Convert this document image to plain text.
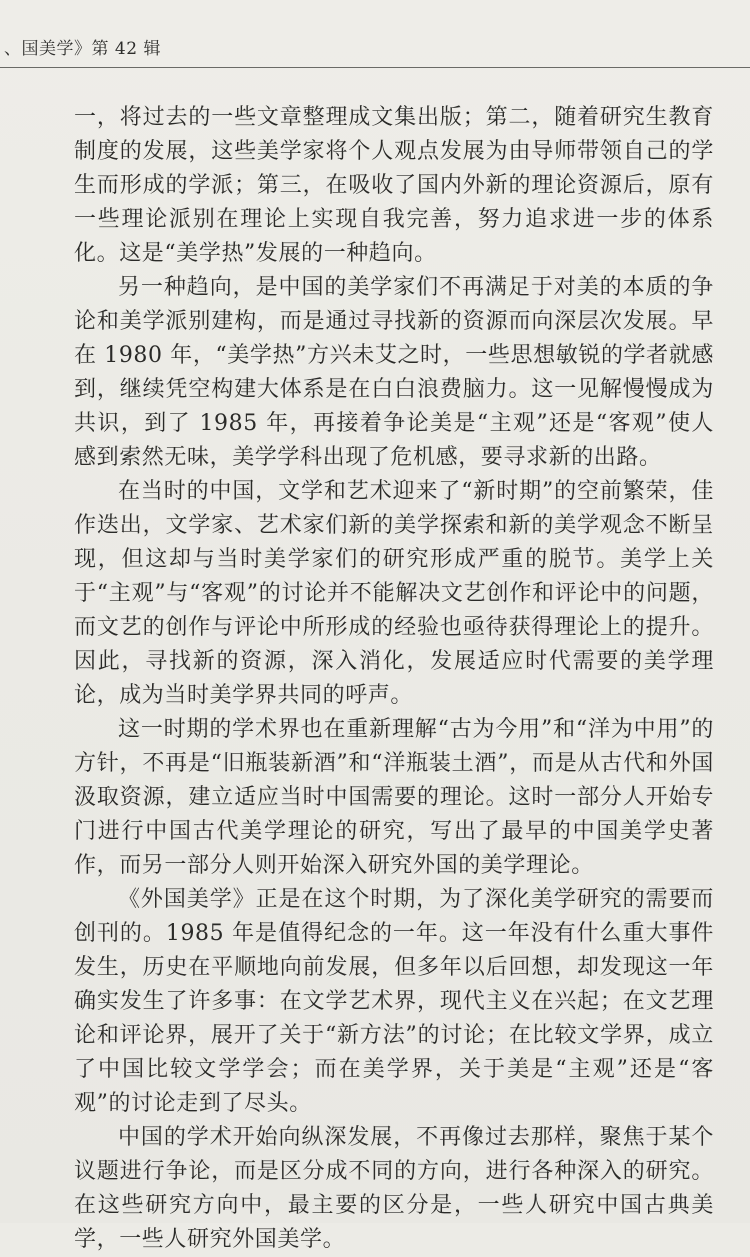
、国美学》第 42 辑

一，将过去的一些文章整理成文集出版；第二，随着研究生教育制度的发展，这些美学家将个人观点发展为由导师带领自己的学生而形成的学派；第三，在吸收了国内外新的理论资源后，原有一些理论派别在理论上实现自我完善，努力追求进一步的体系化。这是“美学热”发展的一种趋向。

另一种趋向，是中国的美学家们不再满足于对美的本质的争论和美学派别建构，而是通过寻找新的资源而向深层次发展。早在 1980 年，“美学热”方兴未艾之时，一些思想敏锐的学者就感到，继续凭空构建大体系是在白白浪费脑力。这一见解慢慢成为共识，到了 1985 年，再接着争论美是“主观”还是“客观”使人感到索然无味，美学学科出现了危机感，要寻求新的出路。

在当时的中国，文学和艺术迎来了“新时期”的空前繁荣，佳作迭出，文学家、艺术家们新的美学探索和新的美学观念不断呈现，但这却与当时美学家们的研究形成严重的脱节。美学上关于“主观”与“客观”的讨论并不能解决文艺创作和评论中的问题，而文艺的创作与评论中所形成的经验也亟待获得理论上的提升。因此，寻找新的资源，深入消化，发展适应时代需要的美学理论，成为当时美学界共同的呼声。

这一时期的学术界也在重新理解“古为今用”和“洋为中用”的方针，不再是“旧瓶装新酒”和“洋瓶装土酒”，而是从古代和外国汲取资源，建立适应当时中国需要的理论。这时一部分人开始专门进行中国古代美学理论的研究，写出了最早的中国美学史著作，而另一部分人则开始深入研究外国的美学理论。

《外国美学》正是在这个时期，为了深化美学研究的需要而创刊的。1985 年是值得纪念的一年。这一年没有什么重大事件发生，历史在平顺地向前发展，但多年以后回想，却发现这一年确实发生了许多事：在文学艺术界，现代主义在兴起；在文艺理论和评论界，展开了关于“新方法”的讨论；在比较文学界，成立了中国比较文学学会；而在美学界，关于美是“主观”还是“客观”的讨论走到了尽头。

中国的学术开始向纵深发展，不再像过去那样，聚焦于某个议题进行争论，而是区分成不同的方向，进行各种深入的研究。在这些研究方向中，最主要的区分是，一些人研究中国古典美学，一些人研究外国美学。
